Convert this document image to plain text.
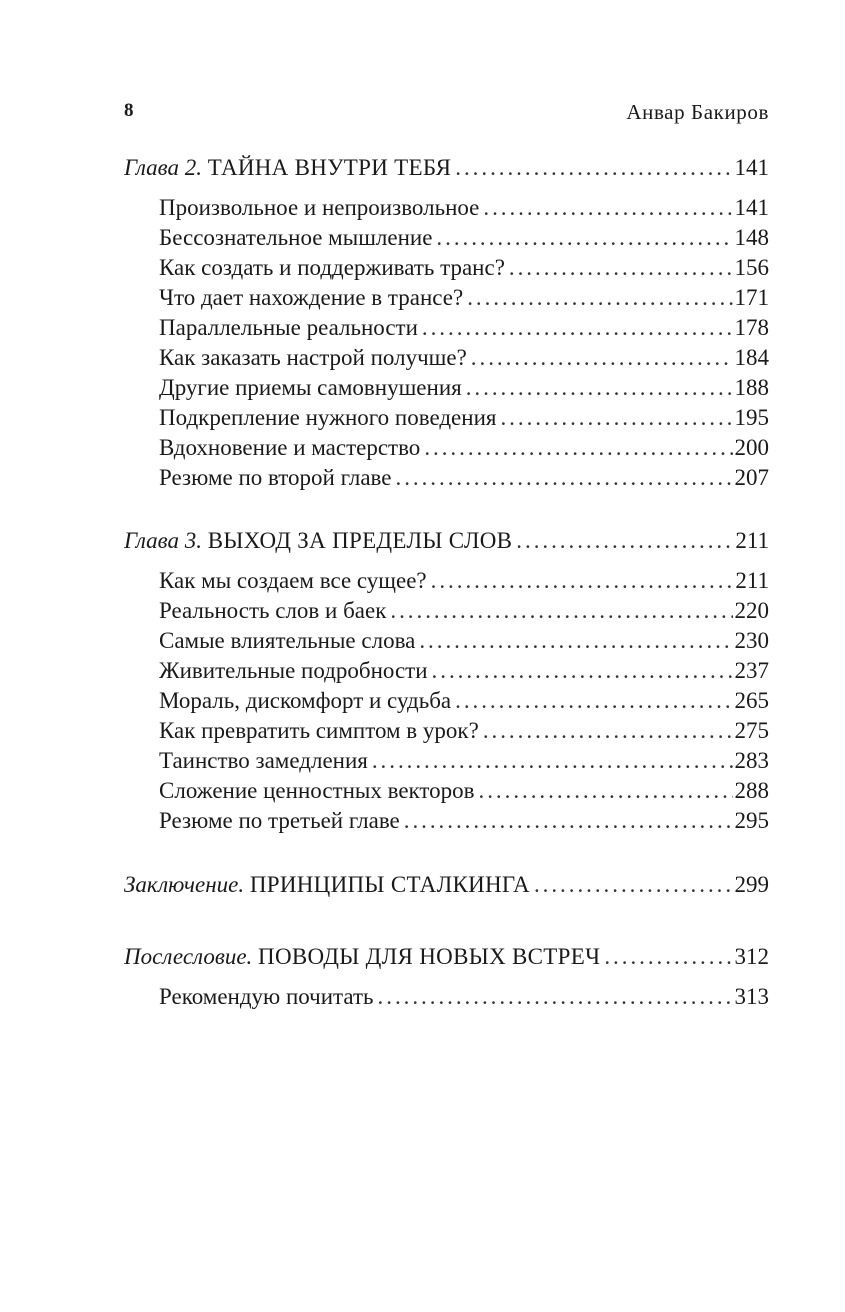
8	Анвар Бакиров
Глава 2. ТАЙНА ВНУТРИ ТЕБЯ . . .	141
Произвольное и непроизвольное . . .	141
Бессознательное мышление . . .	148
Как создать и поддерживать транс? . . .	156
Что дает нахождение в трансе? . . .	171
Параллельные реальности . . .	178
Как заказать настрой получше? . . .	184
Другие приемы самовнушения . . .	188
Подкрепление нужного поведения . . .	195
Вдохновение и мастерство . . .	200
Резюме по второй главе . . .	207
Глава 3. ВЫХОД ЗА ПРЕДЕЛЫ СЛОВ . . .	211
Как мы создаем все сущее? . . .	211
Реальность слов и баек . . .	220
Самые влиятельные слова . . .	230
Живительные подробности . . .	237
Мораль, дискомфорт и судьба . . .	265
Как превратить симптом в урок? . . .	275
Таинство замедления . . .	283
Сложение ценностных векторов . . .	288
Резюме по третьей главе . . .	295
Заключение. ПРИНЦИПЫ СТАЛКИНГА . . .	299
Послесловие. ПОВОДЫ ДЛЯ НОВЫХ ВСТРЕЧ . . .	312
Рекомендую почитать . . .	313
